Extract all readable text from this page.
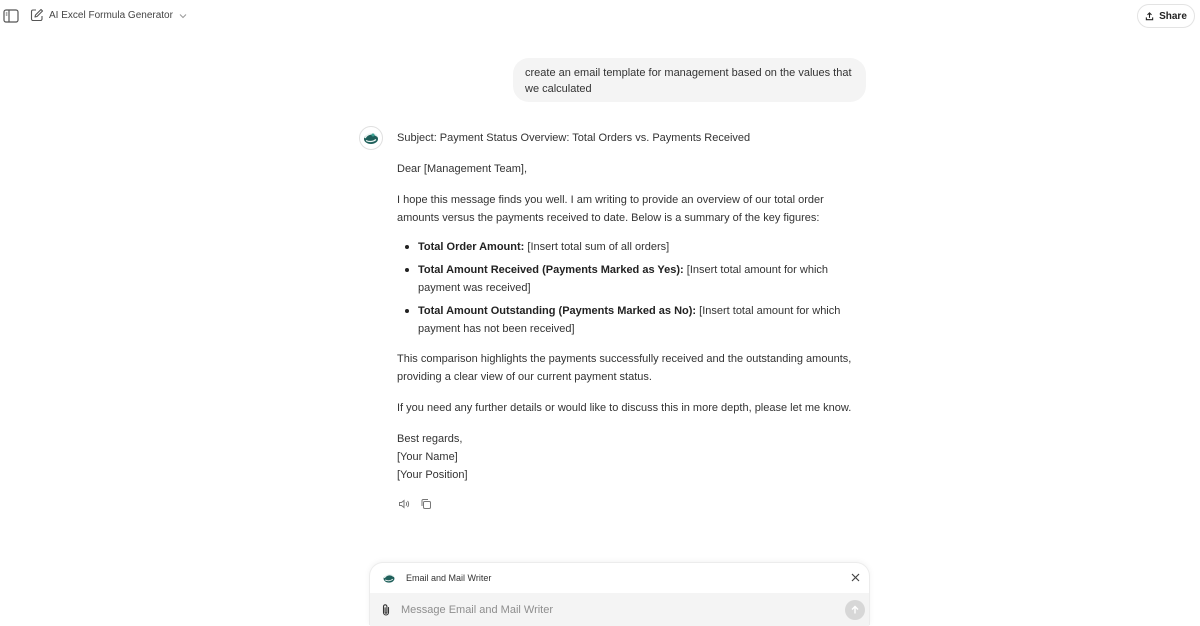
AI Excel Formula Generator	Share
create an email template for management based on the values that we calculated

Subject: Payment Status Overview: Total Orders vs. Payments Received

Dear [Management Team],

I hope this message finds you well. I am writing to provide an overview of our total order amounts versus the payments received to date. Below is a summary of the key figures:

Total Order Amount: [Insert total sum of all orders]
Total Amount Received (Payments Marked as Yes): [Insert total amount for which payment was received]
Total Amount Outstanding (Payments Marked as No): [Insert total amount for which payment has not been received]

This comparison highlights the payments successfully received and the outstanding amounts, providing a clear view of our current payment status.

If you need any further details or would like to discuss this in more depth, please let me know.

Best regards,
[Your Name]
[Your Position]
Email and Mail Writer
Message Email and Mail Writer
